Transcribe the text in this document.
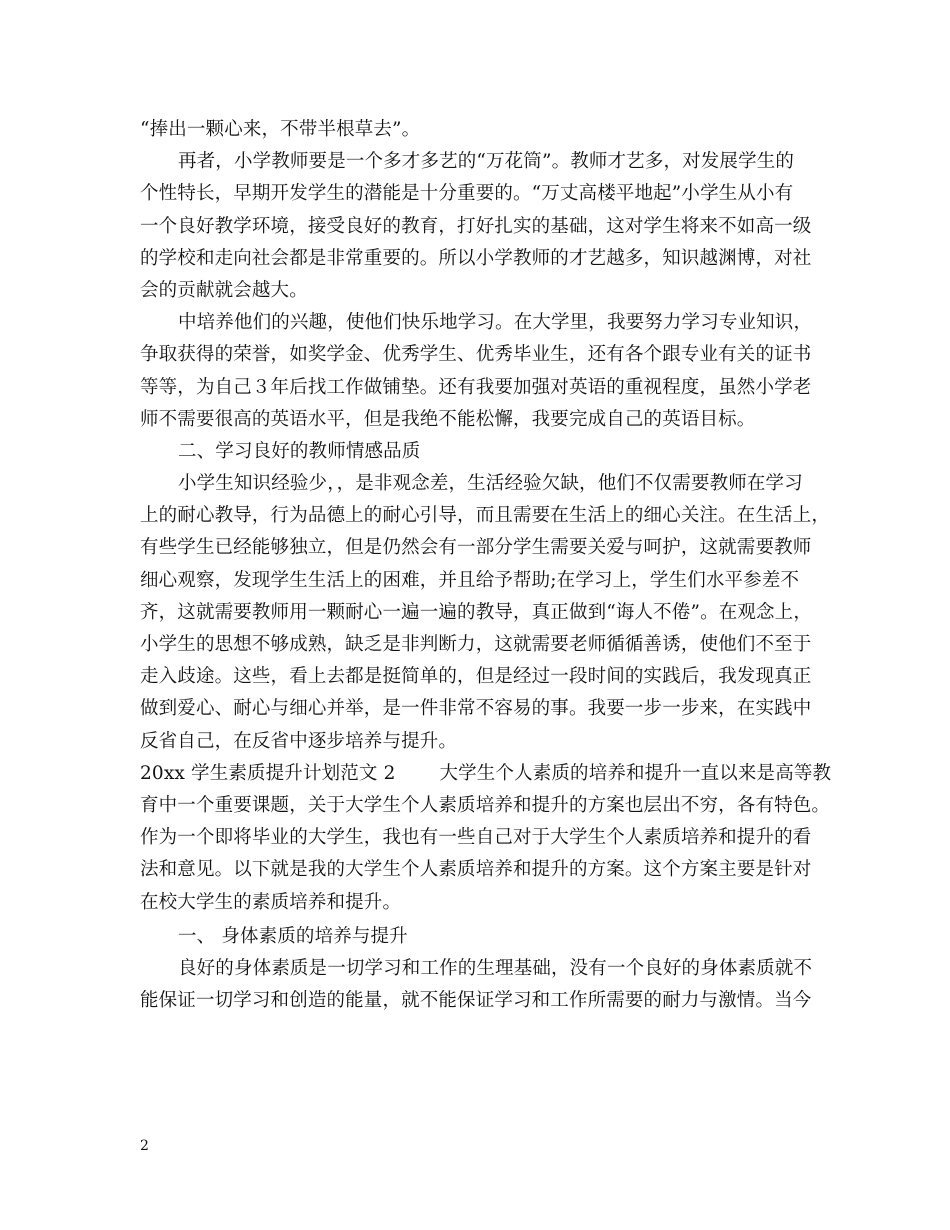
“捧出一颗心来，不带半根草去”。
再者，小学教师要是一个多才多艺的“万花筒”。教师才艺多，对发展学生的
个性特长，早期开发学生的潜能是十分重要的。“万丈高楼平地起”小学生从小有
一个良好教学环境，接受良好的教育，打好扎实的基础，这对学生将来不如高一级
的学校和走向社会都是非常重要的。所以小学教师的才艺越多，知识越渊博，对社
会的贡献就会越大。
中培养他们的兴趣，使他们快乐地学习。在大学里，我要努力学习专业知识，
争取获得的荣誉，如奖学金、优秀学生、优秀毕业生，还有各个跟专业有关的证书
等等，为自己３年后找工作做铺垫。还有我要加强对英语的重视程度，虽然小学老
师不需要很高的英语水平，但是我绝不能松懈，我要完成自己的英语目标。
二、学习良好的教师情感品质
小学生知识经验少，，是非观念差，生活经验欠缺，他们不仅需要教师在学习
上的耐心教导，行为品德上的耐心引导，而且需要在生活上的细心关注。在生活上，
有些学生已经能够独立，但是仍然会有一部分学生需要关爱与呵护，这就需要教师
细心观察，发现学生生活上的困难，并且给予帮助;在学习上，学生们水平参差不
齐，这就需要教师用一颗耐心一遍一遍的教导，真正做到“诲人不倦”。在观念上，
小学生的思想不够成熟，缺乏是非判断力，这就需要老师循循善诱，使他们不至于
走入歧途。这些，看上去都是挺简单的，但是经过一段时间的实践后，我发现真正
做到爱心、耐心与细心并举，是一件非常不容易的事。我要一步一步来，在实践中
反省自己，在反省中逐步培养与提升。
20xx 学生素质提升计划范文 2 大学生个人素质的培养和提升一直以来是高等教
育中一个重要课题，关于大学生个人素质培养和提升的方案也层出不穷，各有特色。
作为一个即将毕业的大学生，我也有一些自己对于大学生个人素质培养和提升的看
法和意见。以下就是我的大学生个人素质培养和提升的方案。这个方案主要是针对
在校大学生的素质培养和提升。
一、 身体素质的培养与提升
良好的身体素质是一切学习和工作的生理基础，没有一个良好的身体素质就不
能保证一切学习和创造的能量，就不能保证学习和工作所需要的耐力与激情。当今
2
